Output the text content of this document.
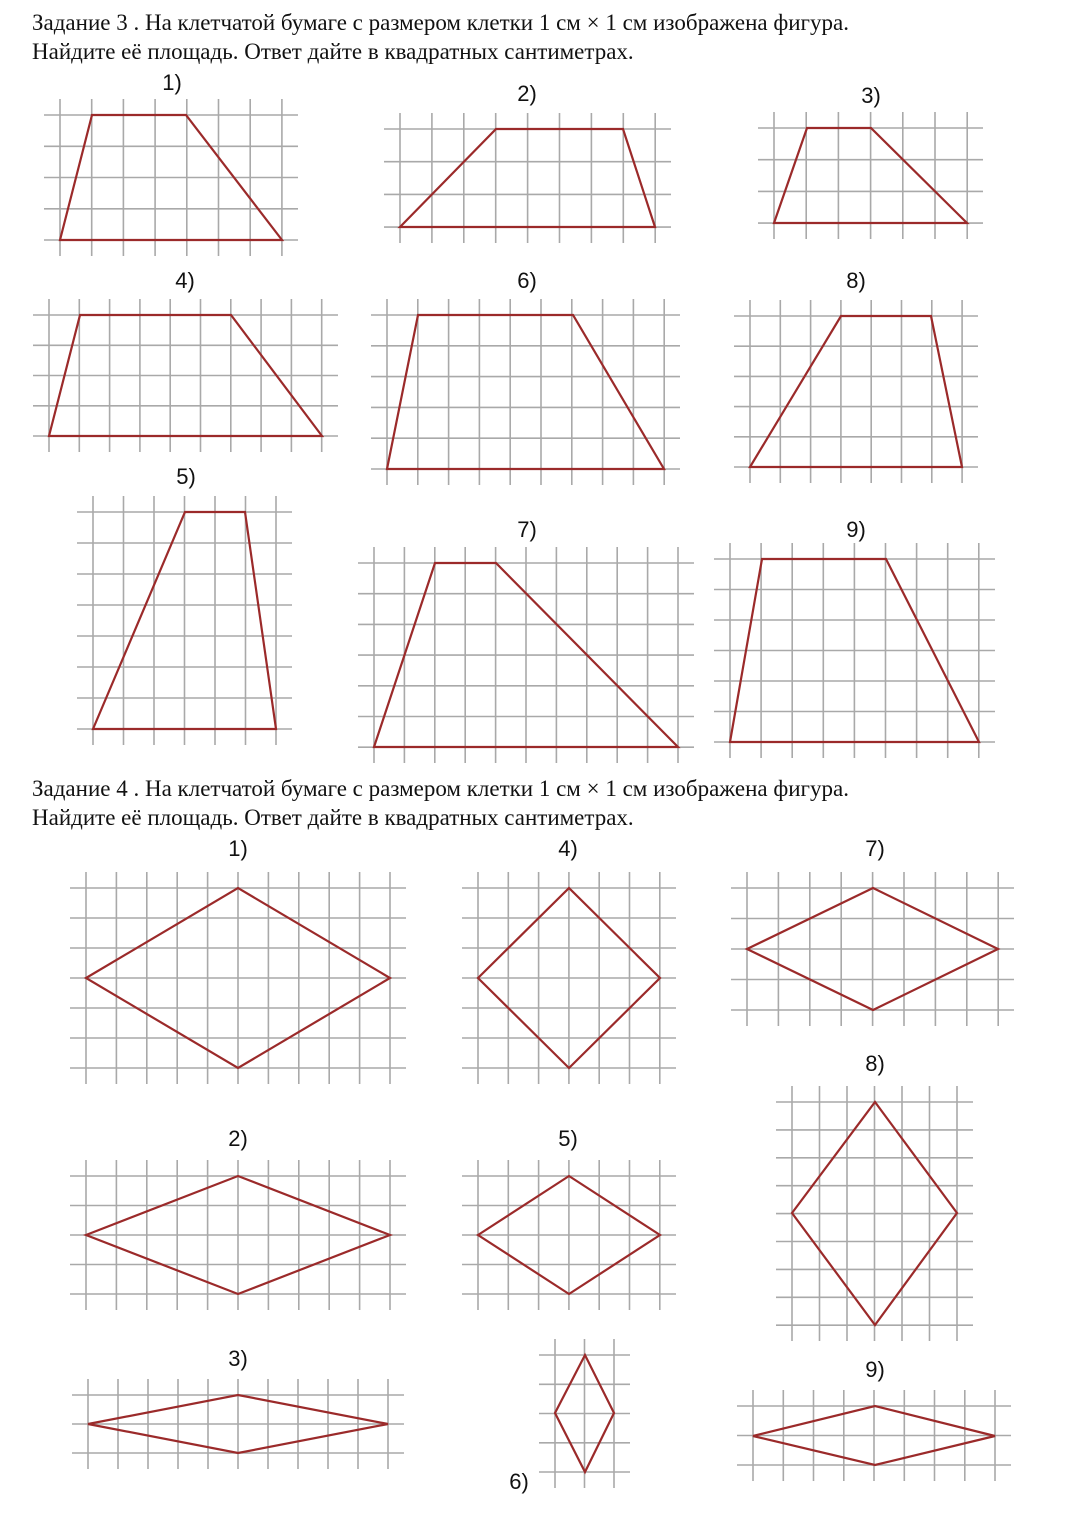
Задание 3 . На клетчатой бумаге с размером клетки 1 см × 1 см изображена фигура.
Найдите её площадь. Ответ дайте в квадратных сантиметрах.

Задание 4 . На клетчатой бумаге с размером клетки 1 см × 1 см изображена фигура.
Найдите её площадь. Ответ дайте в квадратных сантиметрах.

1)	2)	3)
4)	6)	8)
5)
7)	9)
1)	4)	7)
8)
2)	5)
3)
6)
9)
